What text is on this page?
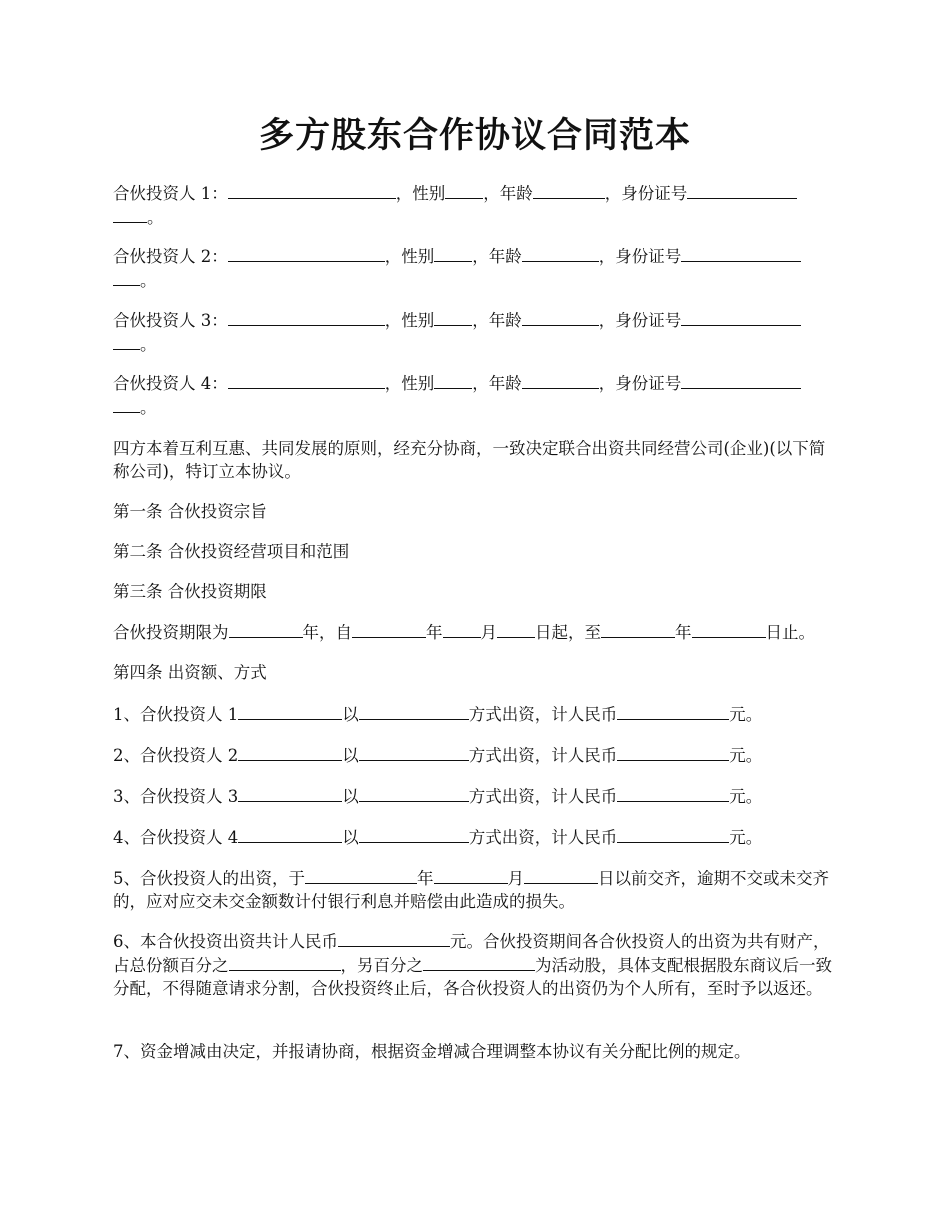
多方股东合作协议合同范本
合伙投资人 1：	，性别 ，年龄	，身份证号
。
合伙投资人 2：	，性别 ，年龄	，身份证号
。
合伙投资人 3：	，性别 ，年龄	，身份证号
。
合伙投资人 4：	，性别 ，年龄	，身份证号
。
四方本着互利互惠、共同发展的原则，经充分协商，一致决定联合出资共同经营公司(企业)(以下简称公司)，特订立本协议。
第一条 合伙投资宗旨
第二条 合伙投资经营项目和范围
第三条 合伙投资期限
合伙投资期限为	年，自	年 月 日起，至	年	日止。
第四条 出资额、方式
1、合伙投资人 1	以	方式出资，计人民币	元。
2、合伙投资人 2	以	方式出资，计人民币	元。
3、合伙投资人 3	以	方式出资，计人民币	元。
4、合伙投资人 4	以	方式出资，计人民币	元。
5、合伙投资人的出资，于	年	月	日以前交齐，逾期不交或未交齐的，应对应交未交金额数计付银行利息并赔偿由此造成的损失。
6、本合伙投资出资共计人民币	元。合伙投资期间各合伙投资人的出资为共有财产，占总份额百分之	，另百分之	为活动股，具体支配根据股东商议后一致分配，不得随意请求分割，合伙投资终止后，各合伙投资人的出资仍为个人所有，至时予以返还。
7、资金增减由决定，并报请协商，根据资金增减合理调整本协议有关分配比例的规定。
